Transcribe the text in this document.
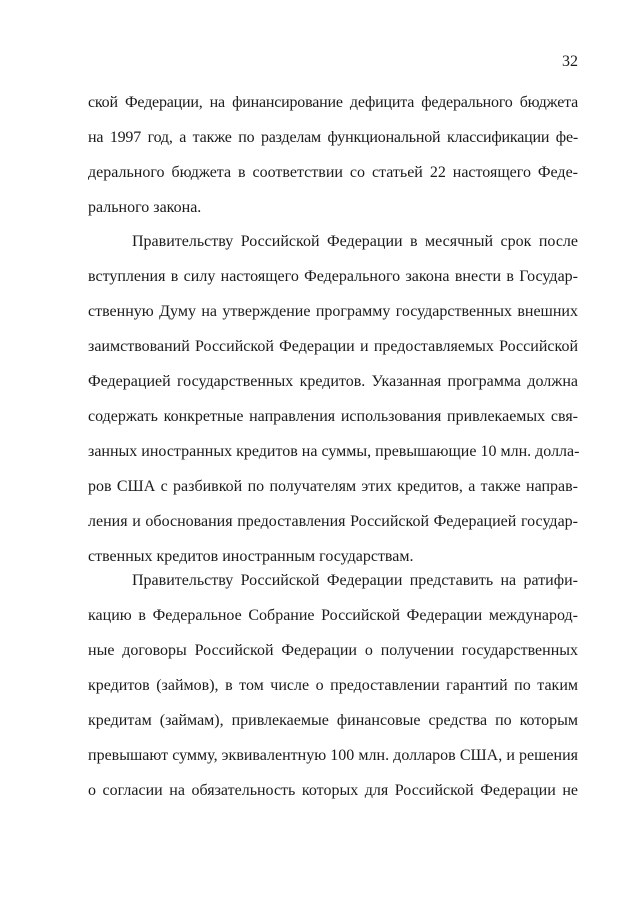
32
ской Федерации, на финансирование дефицита федерального бюджета
на 1997 год, а также по разделам функциональной классификации фе-
дерального бюджета в соответствии со статьей 22 настоящего Феде-
рального закона.
Правительству Российской Федерации в месячный срок после
вступления в силу настоящего Федерального закона внести в Государ-
ственную Думу на утверждение программу государственных внешних
заимствований Российской Федерации и предоставляемых Российской
Федерацией государственных кредитов. Указанная программа должна
содержать конкретные направления использования привлекаемых свя-
занных иностранных кредитов на суммы, превышающие 10 млн. долла-
ров США с разбивкой по получателям этих кредитов, а также направ-
ления и обоснования предоставления Российской Федерацией государ-
ственных кредитов иностранным государствам.
Правительству Российской Федерации представить на ратифи-
кацию в Федеральное Собрание Российской Федерации международ-
ные договоры Российской Федерации о получении государственных
кредитов (займов), в том числе о предоставлении гарантий по таким
кредитам (займам), привлекаемые финансовые средства по которым
превышают сумму, эквивалентную 100 млн. долларов США, и решения
о согласии на обязательность которых для Российской Федерации не
